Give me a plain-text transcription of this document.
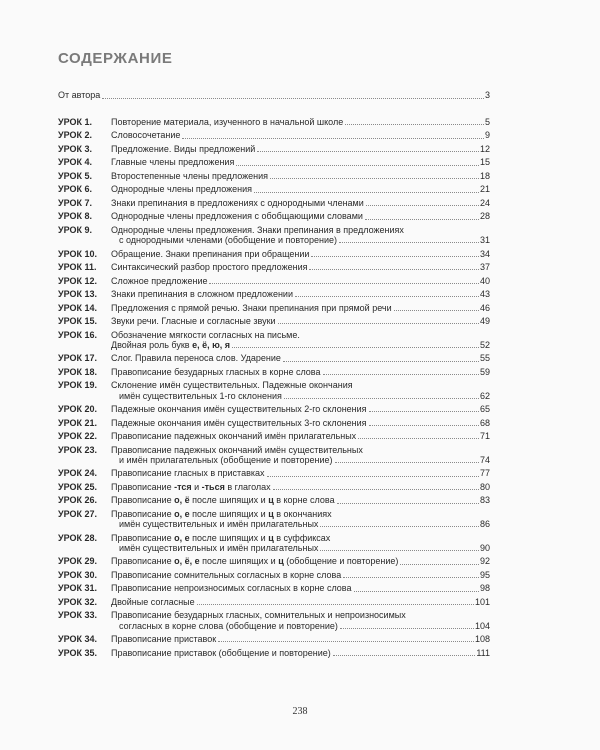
СОДЕРЖАНИЕ
От автора	3
УРОК 1.	Повторение материала, изученного в начальной школе	5
УРОК 2.	Словосочетание	9
УРОК 3.	Предложение. Виды предложений	12
УРОК 4.	Главные члены предложения	15
УРОК 5.	Второстепенные члены предложения	18
УРОК 6.	Однородные члены предложения	21
УРОК 7.	Знаки препинания в предложениях с однородными членами	24
УРОК 8.	Однородные члены предложения с обобщающими словами	28
УРОК 9.	Однородные члены предложения. Знаки препинания в предложениях
с однородными членами (обобщение и повторение)	31
УРОК 10.	Обращение. Знаки препинания при обращении	34
УРОК 11.	Синтаксический разбор простого предложения	37
УРОК 12.	Сложное предложение	40
УРОК 13.	Знаки препинания в сложном предложении	43
УРОК 14.	Предложения с прямой речью. Знаки препинания при прямой речи	46
УРОК 15.	Звуки речи. Гласные и согласные звуки	49
УРОК 16.	Обозначение мягкости согласных на письме.
Двойная роль букв е, ё, ю, я	52
УРОК 17.	Слог. Правила переноса слов. Ударение	55
УРОК 18.	Правописание безударных гласных в корне слова	59
УРОК 19.	Склонение имён существительных. Падежные окончания
имён существительных 1-го склонения	62
УРОК 20.	Падежные окончания имён существительных 2-го склонения	65
УРОК 21.	Падежные окончания имён существительных 3-го склонения	68
УРОК 22.	Правописание падежных окончаний имён прилагательных	71
УРОК 23.	Правописание падежных окончаний имён существительных
и имён прилагательных (обобщение и повторение)	74
УРОК 24.	Правописание гласных в приставках	77
УРОК 25.	Правописание -тся и -ться в глаголах	80
УРОК 26.	Правописание о, ё после шипящих и ц в корне слова	83
УРОК 27.	Правописание о, е после шипящих и ц в окончаниях
имён существительных и имён прилагательных	86
УРОК 28.	Правописание о, е после шипящих и ц в суффиксах
имён существительных и имён прилагательных	90
УРОК 29.	Правописание о, ё, е после шипящих и ц (обобщение и повторение)	92
УРОК 30.	Правописание сомнительных согласных в корне слова	95
УРОК 31.	Правописание непроизносимых согласных в корне слова	98
УРОК 32.	Двойные согласные	101
УРОК 33.	Правописание безударных гласных, сомнительных и непроизносимых
согласных в корне слова (обобщение и повторение)	104
УРОК 34.	Правописание приставок	108
УРОК 35.	Правописание приставок (обобщение и повторение)	111
238
